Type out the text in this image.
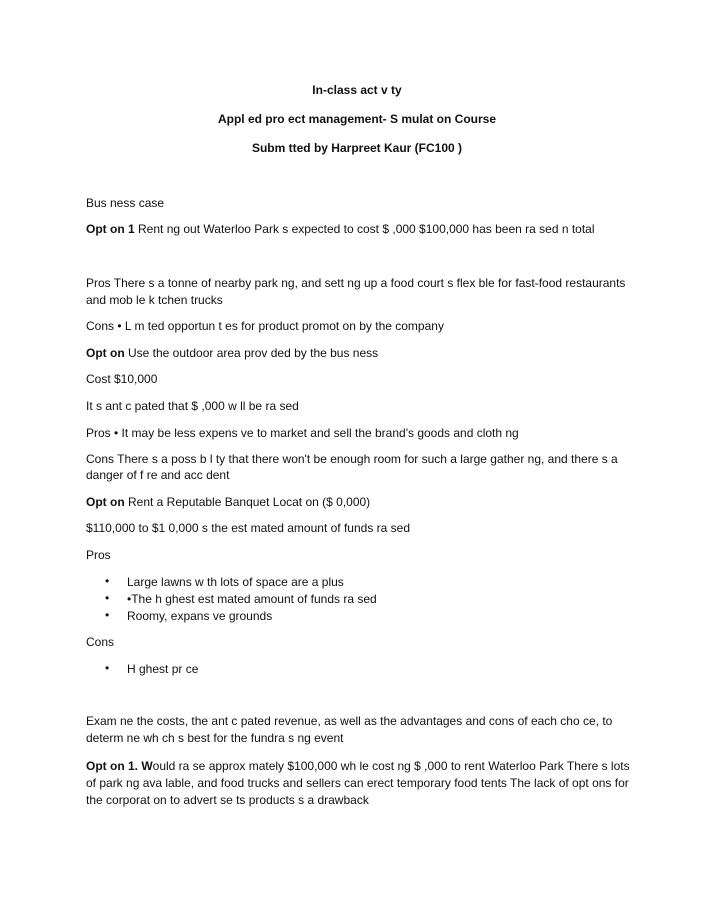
In-class act v ty
Appl ed pro ect management- S mulat on Course
Subm tted by Harpreet Kaur (FC100 )
Bus ness case
Opt on 1 Rent ng out Waterloo Park s expected to cost $ ,000 $100,000 has been ra sed n total
Pros There s a tonne of nearby park ng, and sett ng up a food court s flex ble for fast-food restaurants
and mob le k tchen trucks
Cons • L m ted opportun t es for product promot on by the company
Opt on Use the outdoor area prov ded by the bus ness
Cost $10,000
It s ant c pated that $ ,000 w ll be ra sed
Pros • It may be less expens ve to market and sell the brand's goods and cloth ng
Cons There s a poss b l ty that there won't be enough room for such a large gather ng, and there s a
danger of f re and acc dent
Opt on Rent a Reputable Banquet Locat on ($ 0,000)
$110,000 to $1 0,000 s the est mated amount of funds ra sed
Pros
• Large lawns w th lots of space are a plus
• •The h ghest est mated amount of funds ra sed
• Roomy, expans ve grounds
Cons
• H ghest pr ce
Exam ne the costs, the ant c pated revenue, as well as the advantages and cons of each cho ce, to
determ ne wh ch s best for the fundra s ng event
Opt on 1. Would ra se approx mately $100,000 wh le cost ng $ ,000 to rent Waterloo Park There s lots
of park ng ava lable, and food trucks and sellers can erect temporary food tents The lack of opt ons for
the corporat on to advert se ts products s a drawback
